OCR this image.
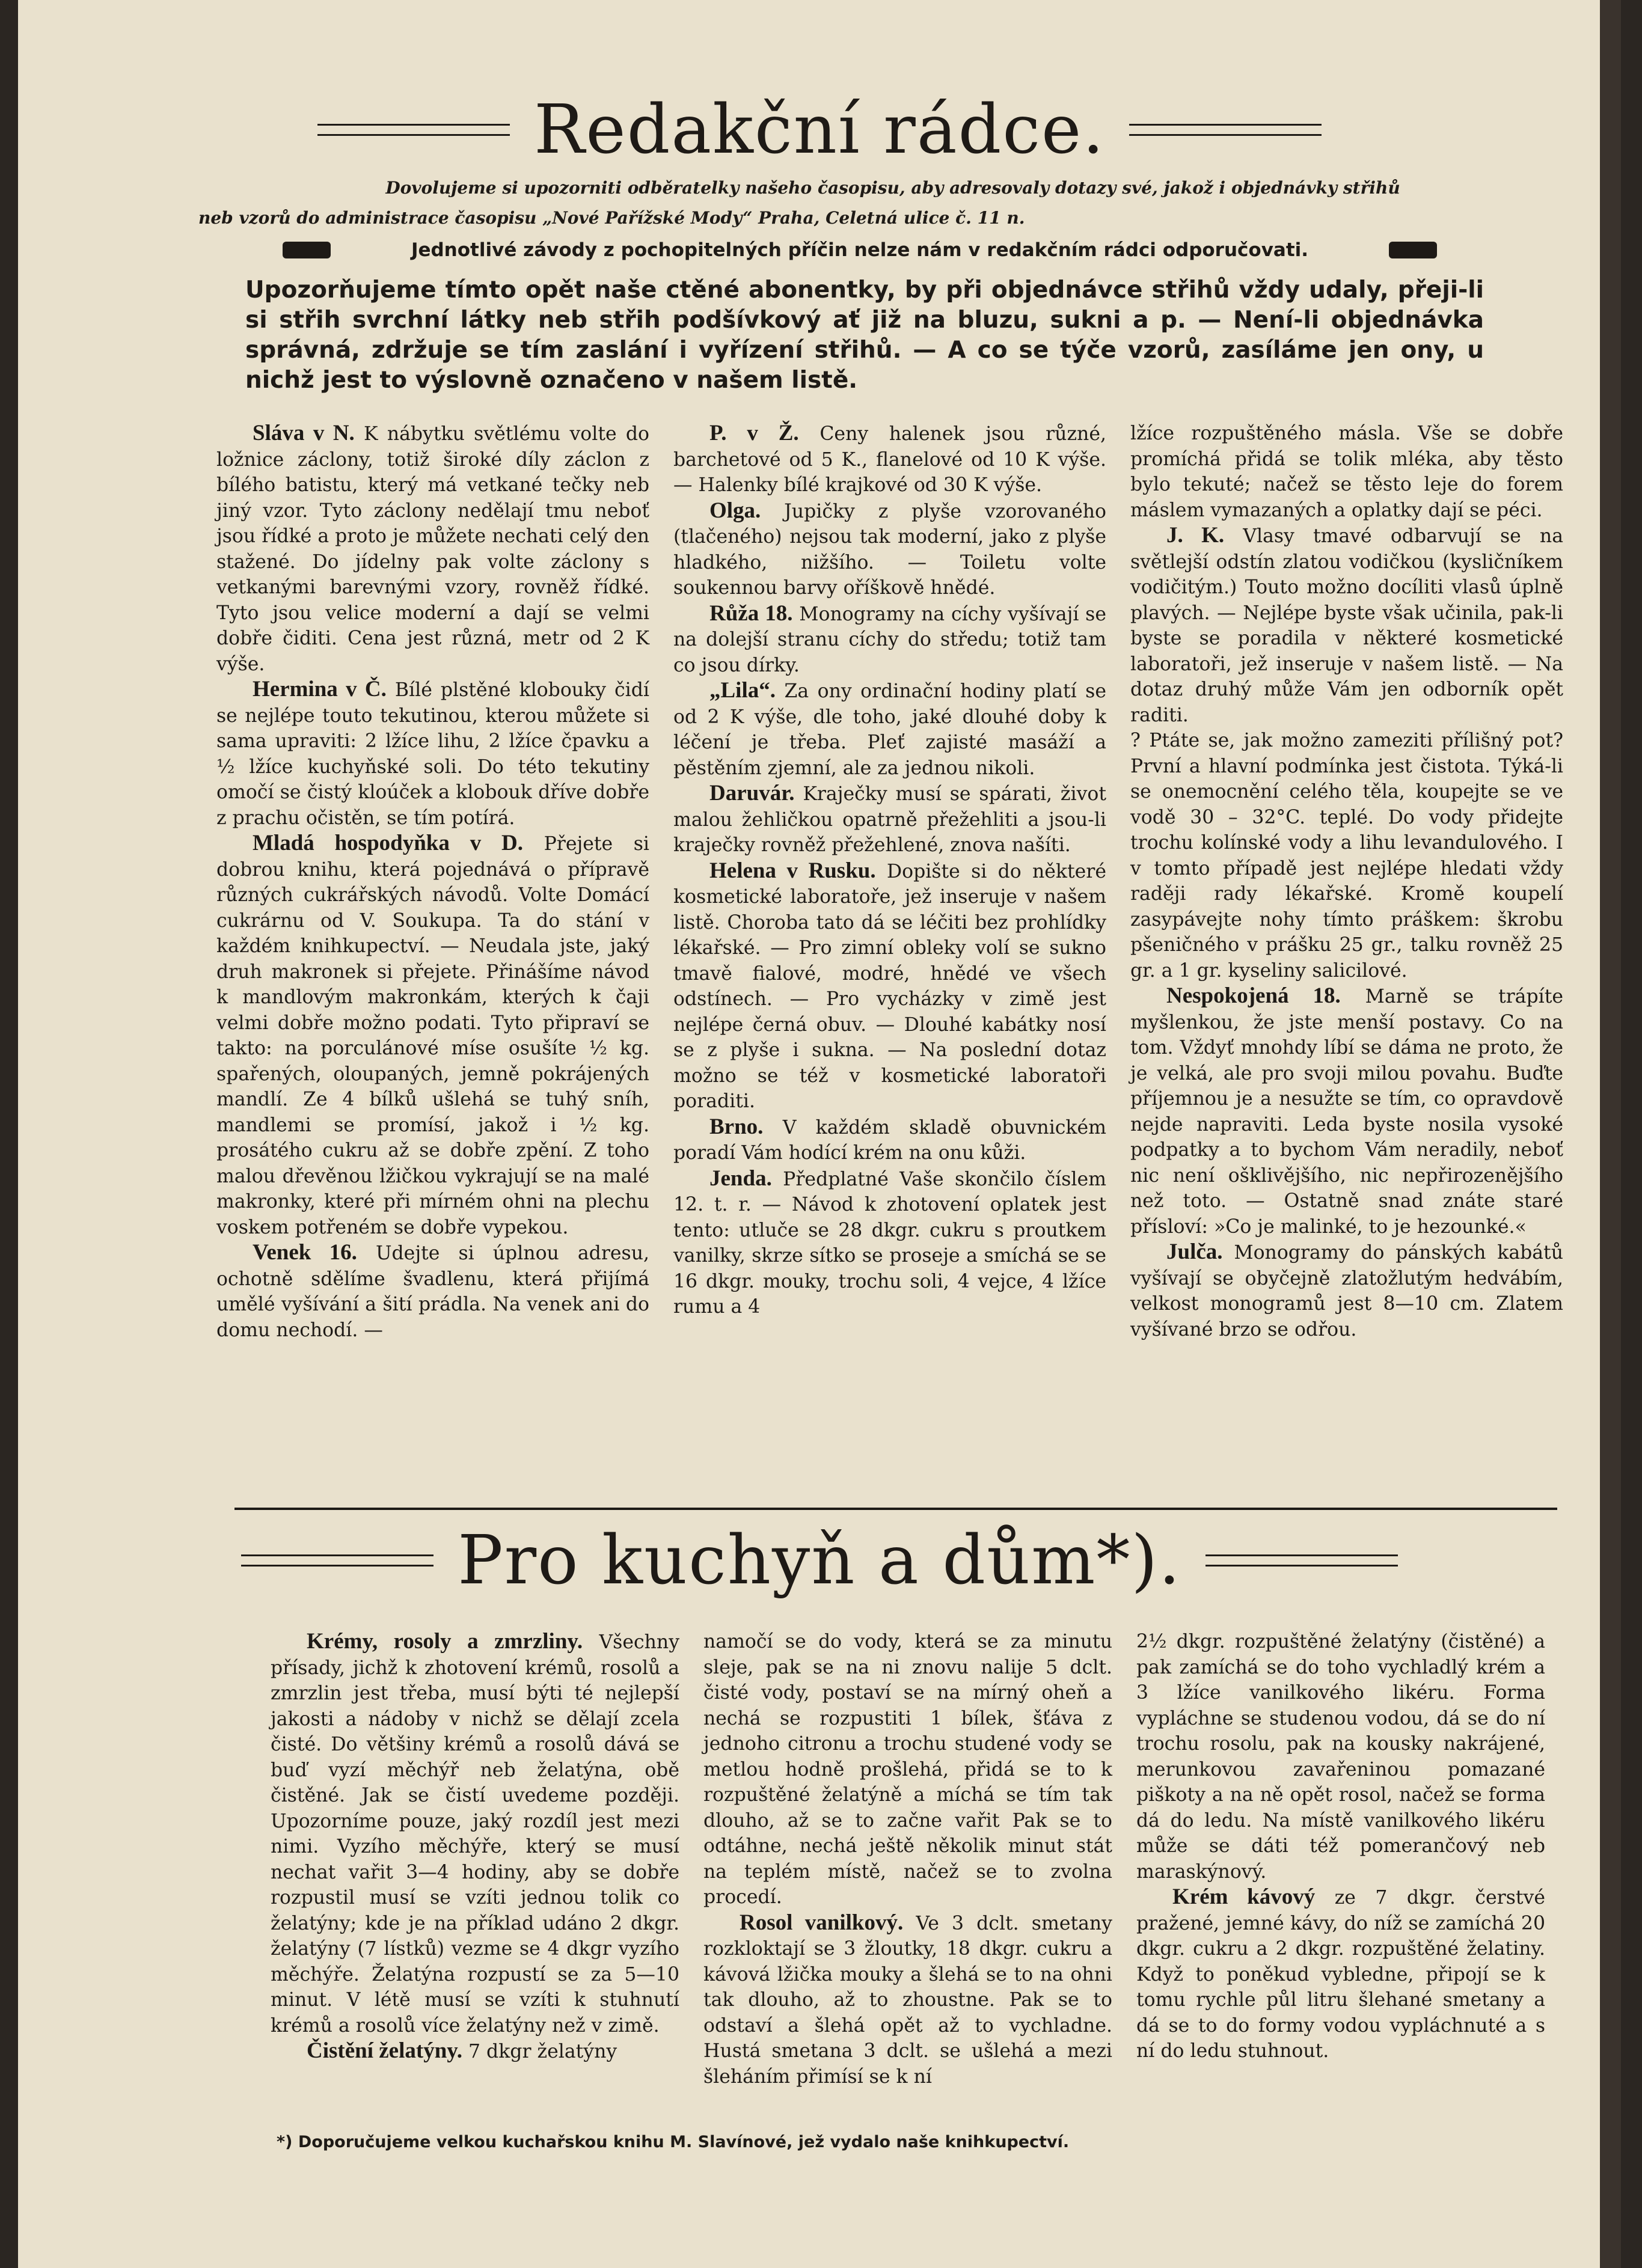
Redakční rádce.
Dovolujeme si upozorniti odběratelky našeho časopisu, aby adresovaly dotazy své, jakož i objednávky střihů
neb vzorů do administrace časopisu „Nové Pařížské Mody“ Praha, Celetná ulice č. 11 n.
Jednotlivé závody z pochopitelných příčin nelze nám v redakčním rádci odporučovati.
Upozorňujeme tímto opět naše ctěné abonentky, by při objednávce střihů vždy udaly, přeji-li si střih svrchní látky neb střih podšívkový ať již na bluzu, sukni a p. — Není-li objednávka správná, zdržuje se tím zaslání i vyřízení střihů. — A co se týče vzorů, zasíláme jen ony, u nichž jest to výslovně označeno v našem listě.

Sláva v N. K nábytku světlému volte do ložnice záclony, totiž široké díly záclon z bílého batistu, který má vetkané tečky neb jiný vzor. Tyto záclony nedělají tmu neboť jsou řídké a proto je můžete nechati celý den stažené. Do jídelny pak volte záclony s vetkanými barevnými vzory, rovněž řídké. Tyto jsou velice moderní a dají se velmi dobře čiditi. Cena jest různá, metr od 2 K výše.

Hermina v Č. Bílé plstěné klobouky čidí se nejlépe touto tekutinou, kterou můžete si sama upraviti: 2 lžíce lihu, 2 lžíce čpavku a ½ lžíce kuchyňské soli. Do této tekutiny omočí se čistý kloúček a klobouk dříve dobře z prachu očistěn, se tím potírá.

Mladá hospodyňka v D. Přejete si dobrou knihu, která pojednává o přípravě různých cukrářských návodů. Volte Domácí cukrárnu od V. Soukupa. Ta do stání v každém knihkupectví. — Neudala jste, jaký druh makronek si přejete. Přinášíme návod k mandlovým makronkám, kterých k čaji velmi dobře možno podati. Tyto připraví se takto: na porculánové míse osušíte ½ kg. spařených, oloupaných, jemně pokrájených mandlí. Ze 4 bílků ušlehá se tuhý sníh, mandlemi se promísí, jakož i ½ kg. prosátého cukru až se dobře zpění. Z toho malou dřevěnou lžičkou vykrajují se na malé makronky, které při mírném ohni na plechu voskem potřeném se dobře vypekou.

Venek 16. Udejte si úplnou adresu, ochotně sdělíme švadlenu, která přijímá umělé vyšívání a šití prádla. Na venek ani do domu nechodí. —

P. v Ž. Ceny halenek jsou různé, barchetové od 5 K., flanelové od 10 K výše. — Halenky bílé krajkové od 30 K výše.

Olga. Jupičky z plyše vzorovaného (tlačeného) nejsou tak moderní, jako z plyše hladkého, nižšího. — Toiletu volte soukennou barvy oříškově hnědé.

Růža 18. Monogramy na cíchy vyšívají se na dolejší stranu cíchy do středu; totiž tam co jsou dírky.

„Lila“. Za ony ordinační hodiny platí se od 2 K výše, dle toho, jaké dlouhé doby k léčení je třeba. Pleť zajisté masáží a pěstěním zjemní, ale za jednou nikoli.

Daruvár. Kraječky musí se spárati, život malou žehličkou opatrně přežehliti a jsou-li kraječky rovněž přežehlené, znova našíti.

Helena v Rusku. Dopište si do některé kosmetické laboratoře, jež inseruje v našem listě. Choroba tato dá se léčiti bez prohlídky lékařské. — Pro zimní obleky volí se sukno tmavě fialové, modré, hnědé ve všech odstínech. — Pro vycházky v zimě jest nejlépe černá obuv. — Dlouhé kabátky nosí se z plyše i sukna. — Na poslední dotaz možno se též v kosmetické laboratoři poraditi.

Brno. V každém skladě obuvnickém poradí Vám hodící krém na onu kůži.

Jenda. Předplatné Vaše skončilo číslem 12. t. r. — Návod k zhotovení oplatek jest tento: utluče se 28 dkgr. cukru s proutkem vanilky, skrze sítko se proseje a smíchá se se 16 dkgr. mouky, trochu soli, 4 vejce, 4 lžíce rumu a 4

lžíce rozpuštěného másla. Vše se dobře promíchá přidá se tolik mléka, aby těsto bylo tekuté; načež se těsto leje do forem máslem vymazaných a oplatky dají se péci.

J. K. Vlasy tmavé odbarvují se na světlejší odstín zlatou vodičkou (kysličníkem vodičitým.) Touto možno docíliti vlasů úplně plavých. — Nejlépe byste však učinila, pak-li byste se poradila v některé kosmetické laboratoři, jež inseruje v našem listě. — Na dotaz druhý může Vám jen odborník opět raditi.

? Ptáte se, jak možno zameziti přílišný pot? První a hlavní podmínka jest čistota. Týká-li se onemocnění celého těla, koupejte se ve vodě 30 – 32°C. teplé. Do vody přidejte trochu kolínské vody a lihu levandulového. I v tomto případě jest nejlépe hledati vždy raději rady lékařské. Kromě koupelí zasypávejte nohy tímto práškem: škrobu pšeničného v prášku 25 gr., talku rovněž 25 gr. a 1 gr. kyseliny salicilové.

Nespokojená 18. Marně se trápíte myšlenkou, že jste menší postavy. Co na tom. Vždyť mnohdy líbí se dáma ne proto, že je velká, ale pro svoji milou povahu. Buďte příjemnou je a nesužte se tím, co opravdově nejde napraviti. Leda byste nosila vysoké podpatky a to bychom Vám neradily, neboť nic není ošklivějšího, nic nepřirozenějšího než toto. — Ostatně snad znáte staré přísloví: »Co je malinké, to je hezounké.«

Julča. Monogramy do pánských kabátů vyšívají se obyčejně zlatožlutým hedvábím, velkost monogramů jest 8—10 cm. Zlatem vyšívané brzo se odřou.

Pro kuchyň a dům*).

Krémy, rosoly a zmrzliny. Všechny přísady, jichž k zhotovení krémů, rosolů a zmrzlin jest třeba, musí býti té nejlepší jakosti a nádoby v nichž se dělají zcela čisté. Do většiny krémů a rosolů dává se buď vyzí měchýř neb želatýna, obě čistěné. Jak se čistí uvedeme později. Upozorníme pouze, jaký rozdíl jest mezi nimi. Vyzího měchýře, který se musí nechat vařit 3—4 hodiny, aby se dobře rozpustil musí se vzíti jednou tolik co želatýny; kde je na příklad udáno 2 dkgr. želatýny (7 lístků) vezme se 4 dkgr vyzího měchýře. Želatýna rozpustí se za 5—10 minut. V létě musí se vzíti k stuhnutí krémů a rosolů více želatýny než v zimě.

Čistění želatýny. 7 dkgr želatýny

namočí se do vody, která se za minutu sleje, pak se na ni znovu nalije 5 dclt. čisté vody, postaví se na mírný oheň a nechá se rozpustiti 1 bílek, šťáva z jednoho citronu a trochu studené vody se metlou hodně prošlehá, přidá se to k rozpuštěné želatýně a míchá se tím tak dlouho, až se to začne vařit Pak se to odtáhne, nechá ještě několik minut stát na teplém místě, načež se to zvolna procedí.

Rosol vanilkový. Ve 3 dclt. smetany rozkloktají se 3 žloutky, 18 dkgr. cukru a kávová lžička mouky a šlehá se to na ohni tak dlouho, až to zhoustne. Pak se to odstaví a šlehá opět až to vychladne. Hustá smetana 3 dclt. se ušlehá a mezi šleháním přimísí se k ní

2½ dkgr. rozpuštěné želatýny (čistěné) a pak zamíchá se do toho vychladlý krém a 3 lžíce vanilkového likéru. Forma vypláchne se studenou vodou, dá se do ní trochu rosolu, pak na kousky nakrájené, merunkovou zavařeninou pomazané piškoty a na ně opět rosol, načež se forma dá do ledu. Na místě vanilkového likéru může se dáti též pomerančový neb maraskýnový.

Krém kávový ze 7 dkgr. čerstvé pražené, jemné kávy, do níž se zamíchá 20 dkgr. cukru a 2 dkgr. rozpuštěné želatiny. Když to poněkud vybledne, připojí se k tomu rychle půl litru šlehané smetany a dá se to do formy vodou vypláchnuté a s ní do ledu stuhnout.

*) Doporučujeme velkou kuchařskou knihu M. Slavínové, jež vydalo naše knihkupectví.
